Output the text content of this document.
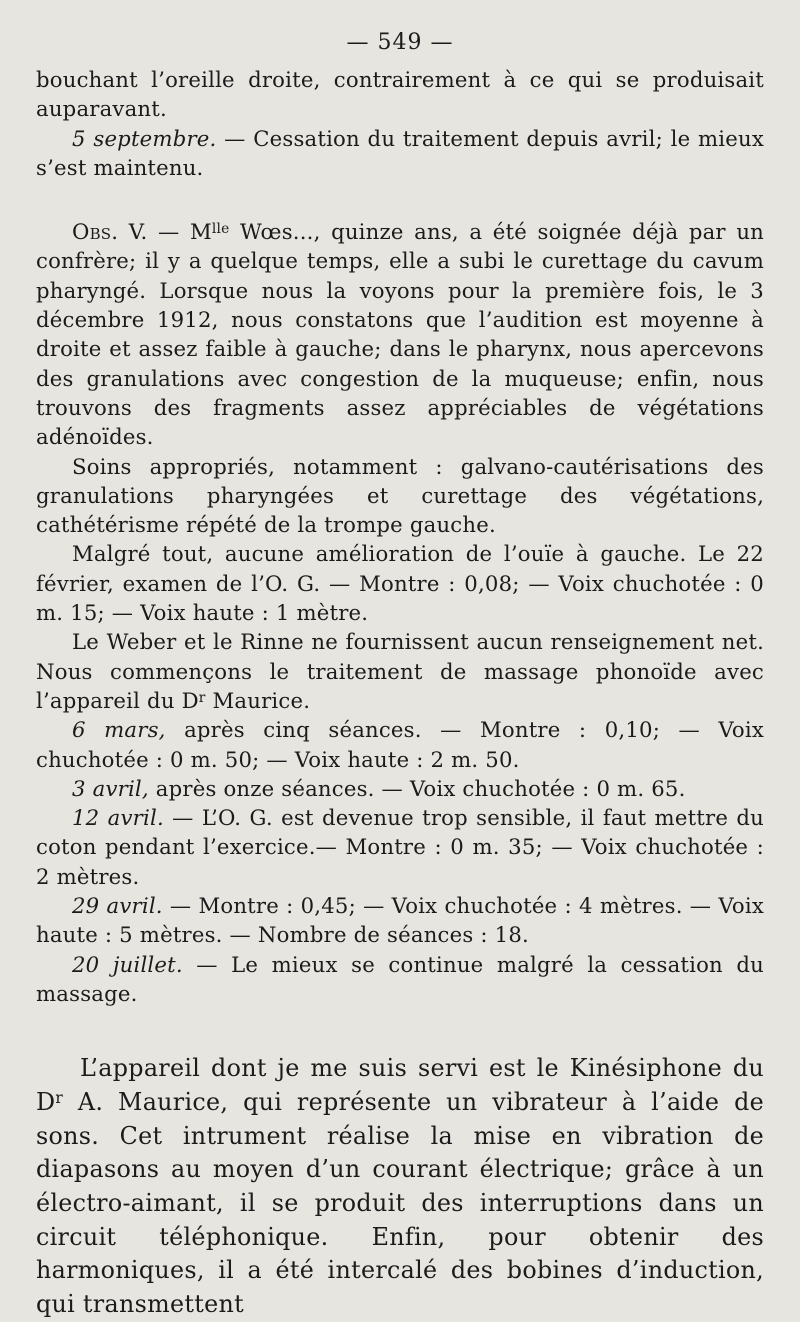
— 549 —

bouchant l’oreille droite, contrairement à ce qui se produisait auparavant.

5 septembre. — Cessation du traitement depuis avril; le mieux s’est maintenu.

Obs. V. — $M^{lle}$ Wœs..., quinze ans, a été soignée déjà par un confrère; il y a quelque temps, elle a subi le curettage du cavum pharyngé. Lorsque nous la voyons pour la première fois, le 3 décembre 1912, nous constatons que l’audition est moyenne à droite et assez faible à gauche; dans le pharynx, nous apercevons des granulations avec congestion de la muqueuse; enfin, nous trouvons des fragments assez appréciables de végétations adénoïdes.

Soins appropriés, notamment : galvano-cautérisations des granulations pharyngées et curettage des végétations, cathétérisme répété de la trompe gauche.

Malgré tout, aucune amélioration de l’ouïe à gauche. Le 22 février, examen de l’O. G. — Montre : 0,08; — Voix chuchotée : 0 m. 15; — Voix haute : 1 mètre.

Le Weber et le Rinne ne fournissent aucun renseignement net. Nous commençons le traitement de massage phonoïde avec l’appareil du $D^r$ Maurice.

6 mars, après cinq séances. — Montre : 0,10; — Voix chuchotée : 0 m. 50; — Voix haute : 2 m. 50.

3 avril, après onze séances. — Voix chuchotée : 0 m. 65.

12 avril. — L’O. G. est devenue trop sensible, il faut mettre du coton pendant l’exercice.— Montre : 0 m. 35; — Voix chuchotée : 2 mètres.

29 avril. — Montre : 0,45; — Voix chuchotée : 4 mètres. — Voix haute : 5 mètres. — Nombre de séances : 18.

20 juillet. — Le mieux se continue malgré la cessation du massage.

L’appareil dont je me suis servi est le Kinésiphone du $D^r$ A. Maurice, qui représente un vibrateur à l’aide de sons. Cet intrument réalise la mise en vibration de diapasons au moyen d’un courant électrique; grâce à un électro-aimant, il se produit des interruptions dans un circuit téléphonique. Enfin, pour obtenir des harmoniques, il a été intercalé des bobines d’induction, qui transmettent
